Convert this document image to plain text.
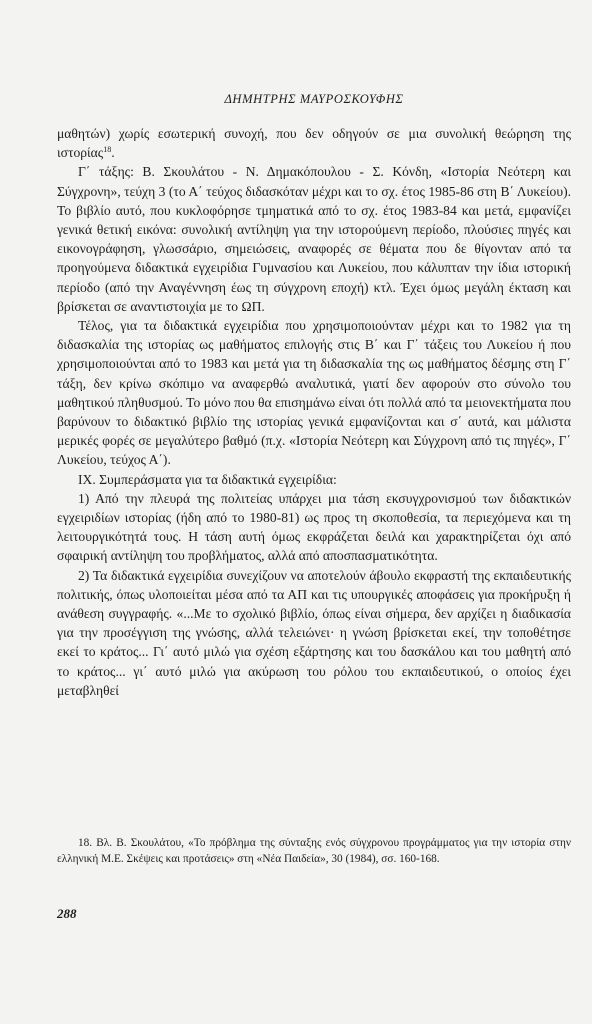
ΔΗΜΗΤΡΗΣ ΜΑΥΡΟΣΚΟΥΦΗΣ

μαθητών) χωρίς εσωτερική συνοχή, που δεν οδηγούν σε μια συνολική θεώρηση της ιστορίας$^{18}$.

Γ΄ τάξης: Β. Σκουλάτου - Ν. Δημακόπουλου - Σ. Κόνδη, «Ιστορία Νεότερη και Σύγχρονη», τεύχη 3 (το Α΄ τεύχος διδασκόταν μέχρι και το σχ. έτος 1985-86 στη Β΄ Λυκείου). Το βιβλίο αυτό, που κυκλοφόρησε τμηματικά από το σχ. έτος 1983-84 και μετά, εμφανίζει γενικά θετική εικόνα: συνολική αντίληψη για την ιστορούμενη περίοδο, πλούσιες πηγές και εικονογράφηση, γλωσσάριο, σημειώσεις, αναφορές σε θέματα που δε θίγονταν από τα προηγούμενα διδακτικά εγχειρίδια Γυμνασίου και Λυκείου, που κάλυπταν την ίδια ιστορική περίοδο (από την Αναγέννηση έως τη σύγχρονη εποχή) κτλ. Έχει όμως μεγάλη έκταση και βρίσκεται σε αναντιστοιχία με το ΩΠ.

Τέλος, για τα διδακτικά εγχειρίδια που χρησιμοποιούνταν μέχρι και το 1982 για τη διδασκαλία της ιστορίας ως μαθήματος επιλογής στις Β΄ και Γ΄ τάξεις του Λυκείου ή που χρησιμοποιούνται από το 1983 και μετά για τη διδασκαλία της ως μαθήματος δέσμης στη Γ΄ τάξη, δεν κρίνω σκόπιμο να αναφερθώ αναλυτικά, γιατί δεν αφορούν στο σύνολο του μαθητικού πληθυσμού. Το μόνο που θα επισημάνω είναι ότι πολλά από τα μειονεκτήματα που βαρύνουν το διδακτικό βιβλίο της ιστορίας γενικά εμφανίζονται και σ΄ αυτά, και μάλιστα μερικές φορές σε μεγαλύτερο βαθμό (π.χ. «Ιστορία Νεότερη και Σύγχρονη από τις πηγές», Γ΄ Λυκείου, τεύχος Α΄).

IX. Συμπεράσματα για τα διδακτικά εγχειρίδια:

1) Από την πλευρά της πολιτείας υπάρχει μια τάση εκσυγχρονισμού των διδακτικών εγχειριδίων ιστορίας (ήδη από το 1980-81) ως προς τη σκοποθεσία, τα περιεχόμενα και τη λειτουργικότητά τους. Η τάση αυτή όμως εκφράζεται δειλά και χαρακτηρίζεται όχι από σφαιρική αντίληψη του προβλήματος, αλλά από αποσπασματικότητα.

2) Τα διδακτικά εγχειρίδια συνεχίζουν να αποτελούν άβουλο εκφραστή της εκπαιδευτικής πολιτικής, όπως υλοποιείται μέσα από τα ΑΠ και τις υπουργικές αποφάσεις για προκήρυξη ή ανάθεση συγγραφής. «...Με το σχολικό βιβλίο, όπως είναι σήμερα, δεν αρχίζει η διαδικασία για την προσέγγιση της γνώσης, αλλά τελειώνει· η γνώση βρίσκεται εκεί, την τοποθέτησε εκεί το κράτος... Γι΄ αυτό μιλώ για σχέση εξάρτησης και του δασκάλου και του μαθητή από το κράτος... γι΄ αυτό μιλώ για ακύρωση του ρόλου του εκπαιδευτικού, ο οποίος έχει μεταβληθεί

18. Βλ. Β. Σκουλάτου, «Το πρόβλημα της σύνταξης ενός σύγχρονου προγράμματος για την ιστορία στην ελληνική Μ.Ε. Σκέψεις και προτάσεις» στη «Νέα Παιδεία», 30 (1984), σσ. 160-168.

288
